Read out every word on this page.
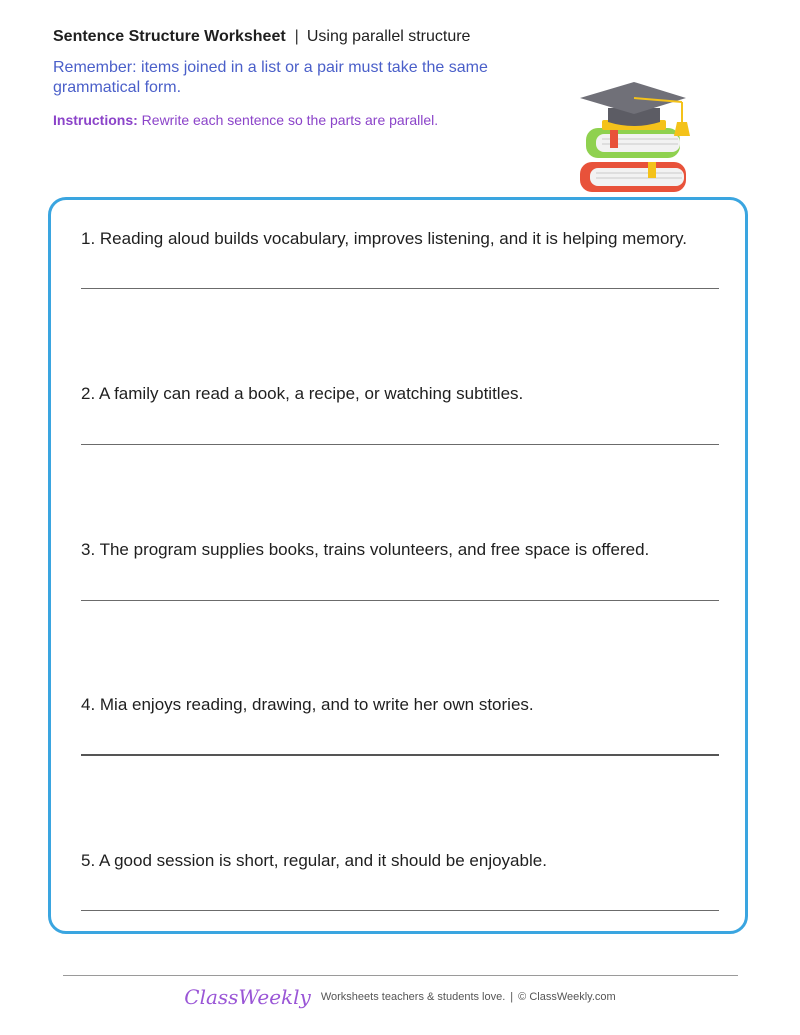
Sentence Structure Worksheet | Using parallel structure
Remember: items joined in a list or a pair must take the same grammatical form.
Instructions: Rewrite each sentence so the parts are parallel.
1. Reading aloud builds vocabulary, improves listening, and it is helping memory.
2. A family can read a book, a recipe, or watching subtitles.
3. The program supplies books, trains volunteers, and free space is offered.
4. Mia enjoys reading, drawing, and to write her own stories.
5. A good session is short, regular, and it should be enjoyable.
ClassWeekly Worksheets teachers & students love. | © ClassWeekly.com
